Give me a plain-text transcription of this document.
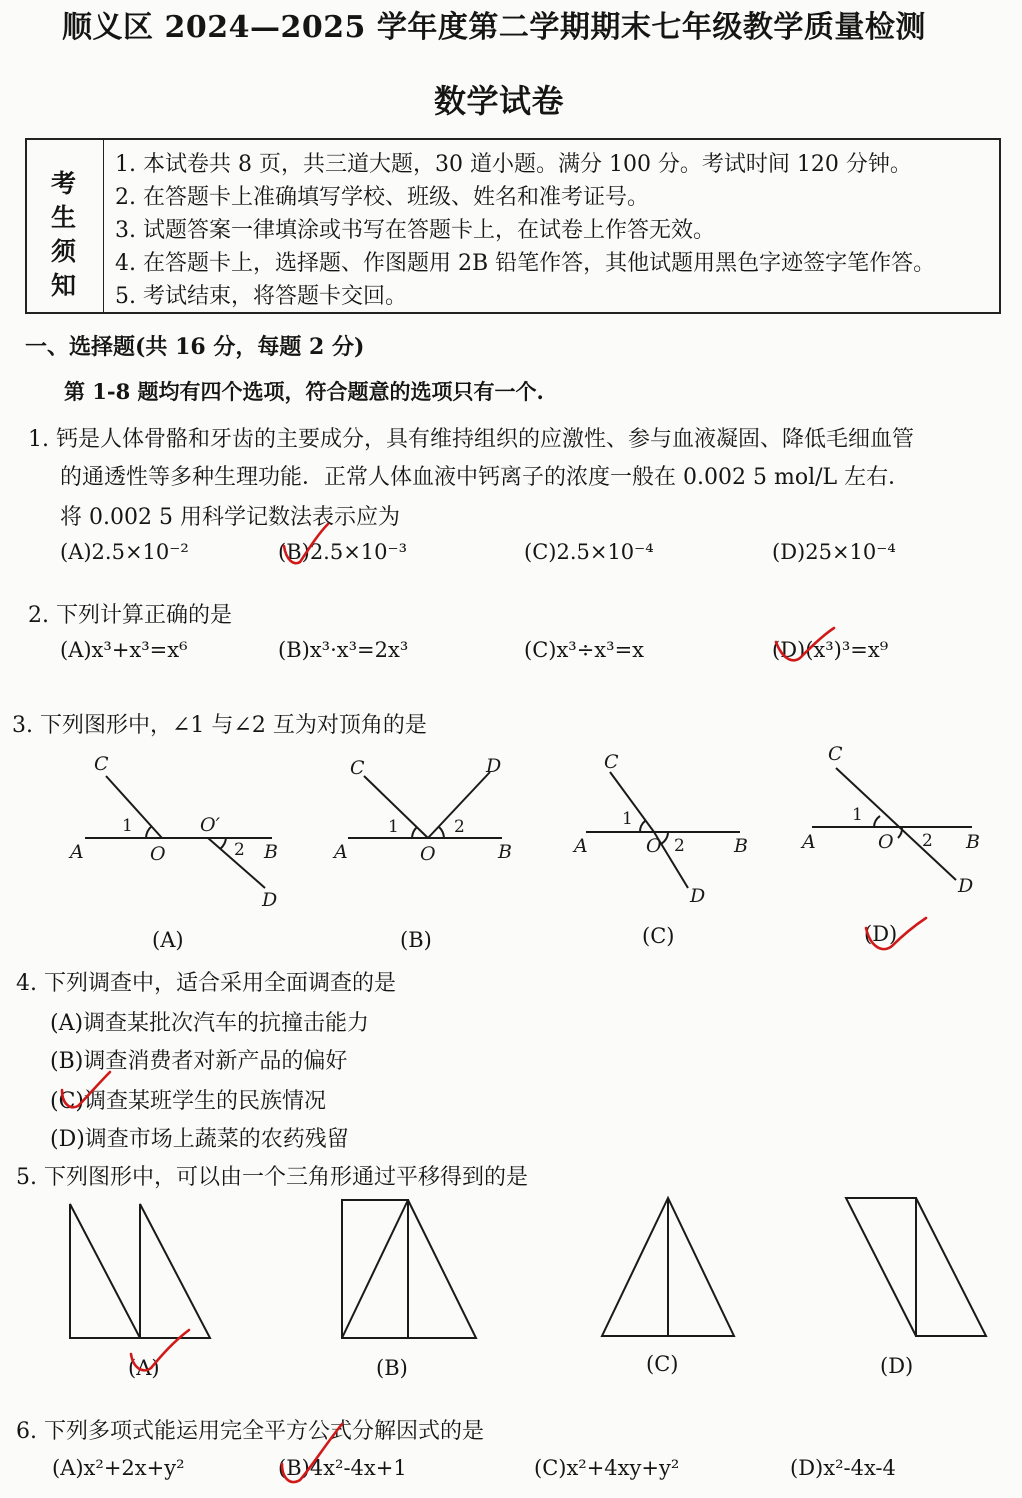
顺义区 2024—2025 学年度第二学期期末七年级教学质量检测
数学试卷
考
生
须
知
1. 本试卷共 8 页，共三道大题，30 道小题。满分 100 分。考试时间 120 分钟。
2. 在答题卡上准确填写学校、班级、姓名和准考证号。
3. 试题答案一律填涂或书写在答题卡上，在试卷上作答无效。
4. 在答题卡上，选择题、作图题用 2B 铅笔作答，其他试题用黑色字迹签字笔作答。
5. 考试结束，将答题卡交回。
一、选择题(共 16 分，每题 2 分)
第 1-8 题均有四个选项，符合题意的选项只有一个.
1. 钙是人体骨骼和牙齿的主要成分，具有维持组织的应激性、参与血液凝固、降低毛细血管
的通透性等多种生理功能．正常人体血液中钙离子的浓度一般在 0.002 5 mol/L 左右．
将 0.002 5 用科学记数法表示应为
(A)2.5×10⁻²	(B)2.5×10⁻³	(C)2.5×10⁻⁴	(D)25×10⁻⁴
2. 下列计算正确的是
(A)x³+x³=x⁶	(B)x³·x³=2x³	(C)x³÷x³=x	(D)(x³)³=x⁹
3. 下列图形中，∠1 与∠2 互为对顶角的是
C
1	O′
A	O	2 B
D
(A)
C	D
1	2
A	O	B
(B)
C
1
A	O 2	B
D
(C)
C
1
A	O 2 B
D
(D)
4. 下列调查中，适合采用全面调查的是
(A)调查某批次汽车的抗撞击能力
(B)调查消费者对新产品的偏好
(C)调查某班学生的民族情况
(D)调查市场上蔬菜的农药残留
5. 下列图形中，可以由一个三角形通过平移得到的是
(A)	(B)	(C)	(D)
6. 下列多项式能运用完全平方公式分解因式的是
(A)x²+2x+y²	(B)4x²-4x+1	(C)x²+4xy+y²	(D)x²-4x-4
